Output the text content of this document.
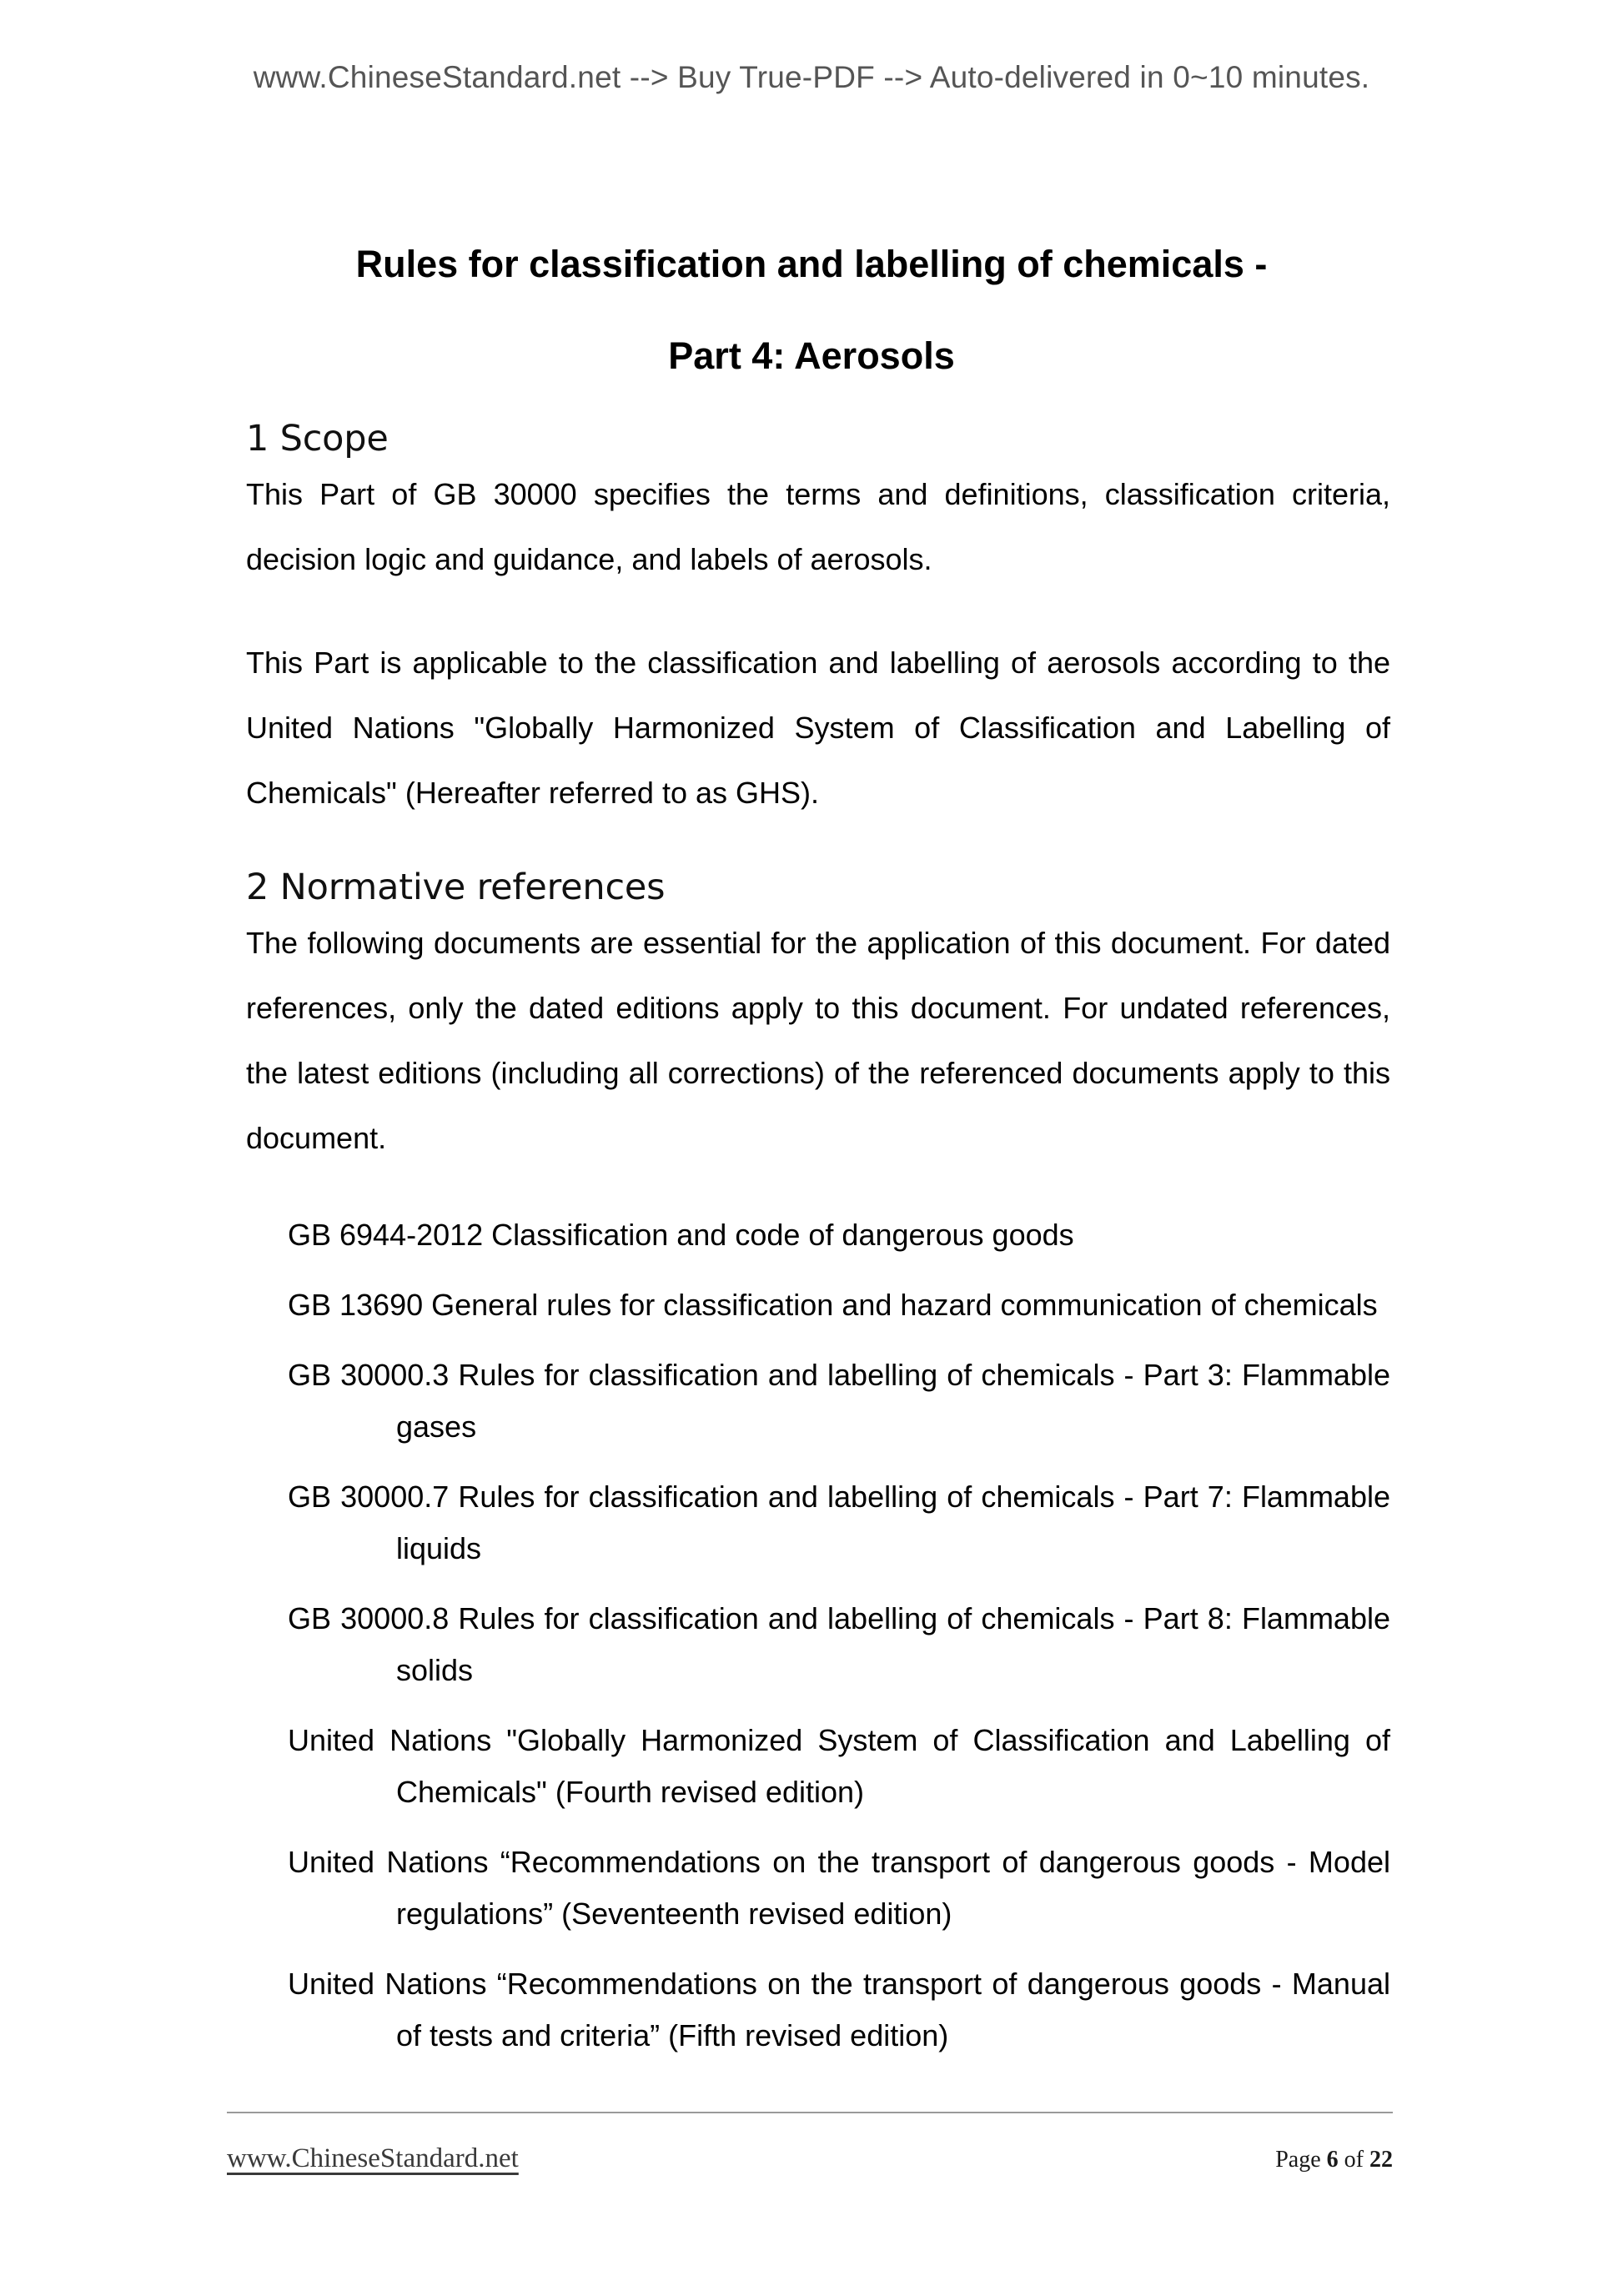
www.ChineseStandard.net --> Buy True-PDF --> Auto-delivered in 0~10 minutes.
Rules for classification and labelling of chemicals -
Part 4: Aerosols
1 Scope

This Part of GB 30000 specifies the terms and definitions, classification criteria, decision logic and guidance, and labels of aerosols.

This Part is applicable to the classification and labelling of aerosols according to the United Nations "Globally Harmonized System of Classification and Labelling of Chemicals" (Hereafter referred to as GHS).

2 Normative references

The following documents are essential for the application of this document. For dated references, only the dated editions apply to this document. For undated references, the latest editions (including all corrections) of the referenced documents apply to this document.

GB 6944-2012 Classification and code of dangerous goods
GB 13690 General rules for classification and hazard communication of chemicals
GB 30000.3 Rules for classification and labelling of chemicals - Part 3: Flammable gases
GB 30000.7 Rules for classification and labelling of chemicals - Part 7: Flammable liquids
GB 30000.8 Rules for classification and labelling of chemicals - Part 8: Flammable solids
United Nations "Globally Harmonized System of Classification and Labelling of Chemicals" (Fourth revised edition)
United Nations “Recommendations on the transport of dangerous goods - Model regulations” (Seventeenth revised edition)
United Nations “Recommendations on the transport of dangerous goods - Manual of tests and criteria” (Fifth revised edition)
www.ChineseStandard.net	Page 6 of 22
